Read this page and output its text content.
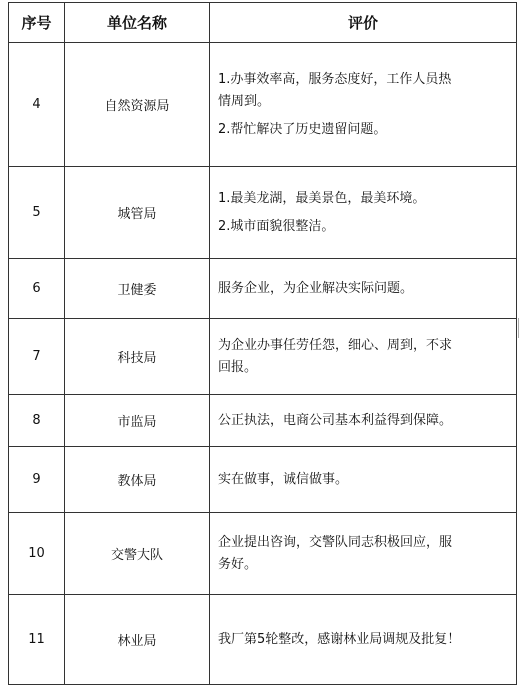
序号	单位名称	评价
4	自然资源局	1.办事效率高，服务态度好，工作人员热
情周到。
2.帮忙解决了历史遗留问题。

5	城管局	1.最美龙湖，最美景色，最美环境。
2.城市面貌很整洁。

6	卫健委	服务企业，为企业解决实际问题。

7	科技局	为企业办事任劳任怨，细心、周到，不求
回报。

8	市监局	公正执法，电商公司基本利益得到保障。

9	教体局	实在做事，诚信做事。

10	交警大队	企业提出咨询，交警队同志积极回应，服
务好。

11	林业局	我厂第5轮整改，感谢林业局调规及批复！
